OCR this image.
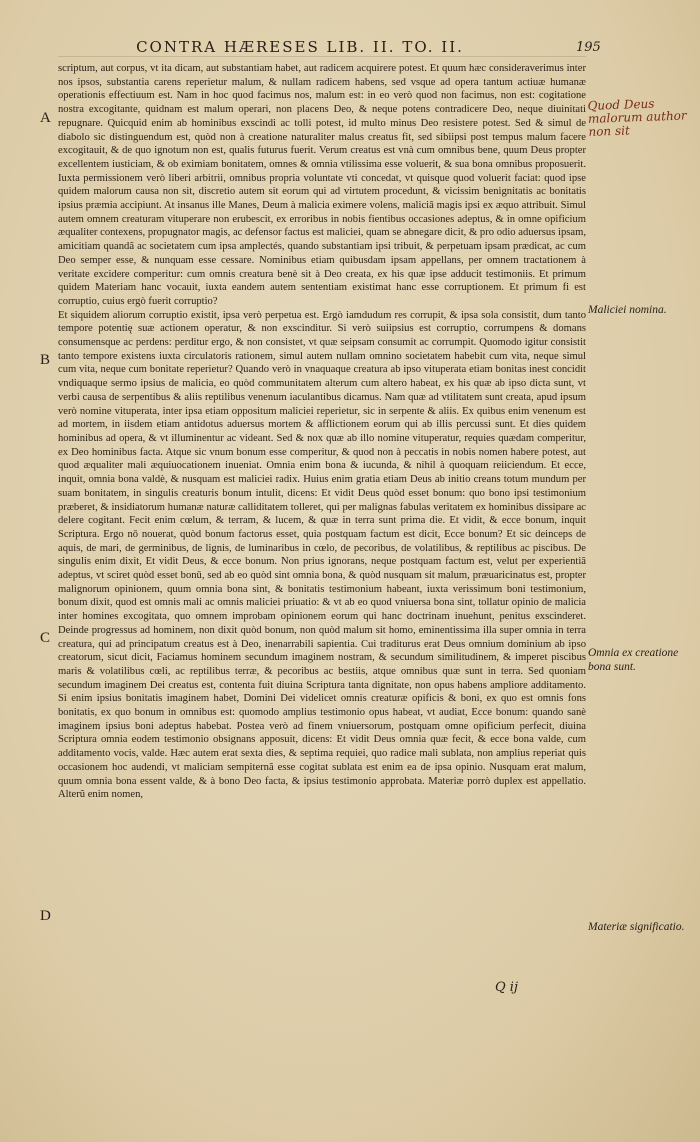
CONTRA HÆRESES LIB. II. TO. II.	195
A
B
C
D
Quod Deus malorum author non sit
Maliciei nomina.
Omnia ex creatione bona sunt.
Materiæ significatio.

scriptum, aut corpus, vt ita dicam, aut substantiam habet, aut radicem acquirere potest. Et quum hæc consideraverimus inter nos ipsos, substantia carens reperietur malum, & nullam radicem habens, sed vsque ad opera tantum actiuæ humanæ operationis effectiuum est. Nam in hoc quod facimus nos, malum est: in eo verò quod non facimus, non est: cogitatione nostra excogitante, quidnam est malum operari, non placens Deo, & neque potens contradicere Deo, neque diuinitati repugnare. Quicquid enim ab hominibus exscindi ac tolli potest, id multo minus Deo resistere potest. Sed & simul de diabolo sic distinguendum est, quòd non à creatione naturaliter malus creatus fit, sed sibiipsi post tempus malum facere excogitauit, & de quo ignotum non est, qualis futurus fuerit. Verum creatus est vnà cum omnibus bene, quum Deus propter excellentem iusticiam, & ob eximiam bonitatem, omnes & omnia vtilissima esse voluerit, & sua bona omnibus proposuerit. Iuxta permissionem verò liberi arbitrii, omnibus propria voluntate vti concedat, vt quisque quod voluerit faciat: quod ipse quidem malorum causa non sit, discretio autem sit eorum qui ad virtutem procedunt, & vicissim benignitatis ac bonitatis ipsius præmia accipiunt. At insanus ille Manes, Deum à malicia eximere volens, maliciâ magis ipsi ex æquo attribuit. Simul autem omnem creaturam vituperare non erubescit, ex erroribus in nobis fientibus occasiones adeptus, & in omne opificium æqualiter contexens, propugnator magis, ac defensor factus est maliciei, quam se abnegare dicit, & pro odio aduersus ipsam, amicitiam quandã ac societatem cum ipsa amplectés, quando substantiam ipsi tribuit, & perpetuam ipsam prædicat, ac cum Deo semper esse, & nunquam esse cessare. Nominibus etiam quibusdam ipsam appellans, per omnem tractationem à veritate excidere comperitur: cum omnis creatura benè sit à Deo creata, ex his quæ ipse adducit testimoniis. Et primum quidem Materiam hanc vocauit, iuxta eandem autem sententiam existimat hanc esse corruptionem. Et primum fi est corruptio, cuius ergò fuerit corruptio?

Et siquidem aliorum corruptio existit, ipsa verò perpetua est. Ergò iamdudum res corrupit, & ipsa sola consistit, dum tanto tempore potentię suæ actionem operatur, & non exscinditur. Si verò suiipsius est corruptio, corrumpens & domans consumensque ac perdens: perditur ergo, & non consistet, vt quæ seipsam consumit ac corrumpit. Quomodo igitur consistit tanto tempore existens iuxta circulatoris rationem, simul autem nullam omnino societatem habebit cum vita, neque simul cum vita, neque cum bonitate reperietur? Quando verò in vnaquaque creatura ab ipso vituperata etiam bonitas inest concidit vndiquaque sermo ipsius de malicia, eo quòd communitatem alterum cum altero habeat, ex his quæ ab ipso dicta sunt, vt verbi causa de serpentibus & aliis reptilibus venenum iaculantibus dicamus. Nam quæ ad vtilitatem sunt creata, apud ipsum verò nomine vituperata, inter ipsa etiam oppositum maliciei reperietur, sic in serpente & aliis. Ex quibus enim venenum est ad mortem, in iisdem etiam antidotus aduersus mortem & afflictionem eorum qui ab illis percussi sunt. Et dies quidem hominibus ad opera, & vt illuminentur ac videant. Sed & nox quæ ab illo nomine vituperatur, requies quædam comperitur, ex Deo hominibus facta. Atque sic vnum bonum esse comperitur, & quod non à peccatis in nobis nomen habere potest, aut quod æqualiter mali æquiuocationem inueniat. Omnia enim bona & iucunda, & nihil à quoquam reiiciendum. Et ecce, inquit, omnia bona valdè, & nusquam est maliciei radix. Huius enim gratia etiam Deus ab initio creans totum mundum per suam bonitatem, in singulis creaturis bonum intulit, dicens: Et vidit Deus quòd esset bonum: quo bono ipsi testimonium præberet, & insidiatorum humanæ naturæ calliditatem tolleret, qui per malignas fabulas veritatem ex hominibus dissipare ac delere cogitant. Fecit enim cœlum, & terram, & lucem, & quæ in terra sunt prima die. Et vidit, & ecce bonum, inquit Scriptura. Ergo nō nouerat, quòd bonum factorus esset, quia postquam factum est dicit, Ecce bonum? Et sic deinceps de aquis, de mari, de germinibus, de lignis, de luminaribus in cœlo, de pecoribus, de volatilibus, & reptilibus ac piscibus. De singulis enim dixit, Et vidit Deus, & ecce bonum. Non prius ignorans, neque postquam factum est, velut per experientiâ adeptus, vt sciret quòd esset bonū, sed ab eo quòd sint omnia bona, & quòd nusquam sit malum, præuaricinatus est, propter malignorum opinionem, quum omnia bona sint, & bonitatis testimonium habeant, iuxta verissimum boni testimonium, bonum dixit, quod est omnis mali ac omnis maliciei priuatio: & vt ab eo quod vniuersa bona sint, tollatur opinio de malicia inter homines excogitata, quo omnem improbam opinionem eorum qui hanc doctrinam inuehunt, penitus exscinderet. Deinde progressus ad hominem, non dixit quòd bonum, non quòd malum sit homo, eminentissima illa super omnia in terra creatura, qui ad principatum creatus est à Deo, inenarrabili sapientia. Cui traditurus erat Deus omnium dominium ab ipso creatorum, sicut dicit, Faciamus hominem secundum imaginem nostram, & secundum similitudinem, & imperet piscibus maris & volatilibus cœli, ac reptilibus terræ, & pecoribus ac bestiis, atque omnibus quæ sunt in terra. Sed quoniam secundum imaginem Dei creatus est, contenta fuit diuina Scriptura tanta dignitate, non opus habens ampliore additamento. Si enim ipsius bonitatis imaginem habet, Domini Dei videlicet omnis creaturæ opificis & boni, ex quo est omnis fons bonitatis, ex quo bonum in omnibus est: quomodo amplius testimonio opus habeat, vt audiat, Ecce bonum: quando sanè imaginem ipsius boni adeptus habebat. Postea verò ad finem vniuersorum, postquam omne opificium perfecit, diuina Scriptura omnia eodem testimonio obsignans apposuit, dicens: Et vidit Deus omnia quæ fecit, & ecce bona valde, cum additamento vocis, valde. Hæc autem erat sexta dies, & septima requiei, quo radice mali sublata, non amplius reperiat quis occasionem hoc audendi, vt maliciam sempiternã esse cogitat sublata est enim ea de ipsa opinio. Nusquam erat malum, quum omnia bona essent valde, & à bono Deo facta, & ipsius testimonio approbata. Materiæ porrò duplex est appellatio. Alterũ enim nomen,

Q ij
